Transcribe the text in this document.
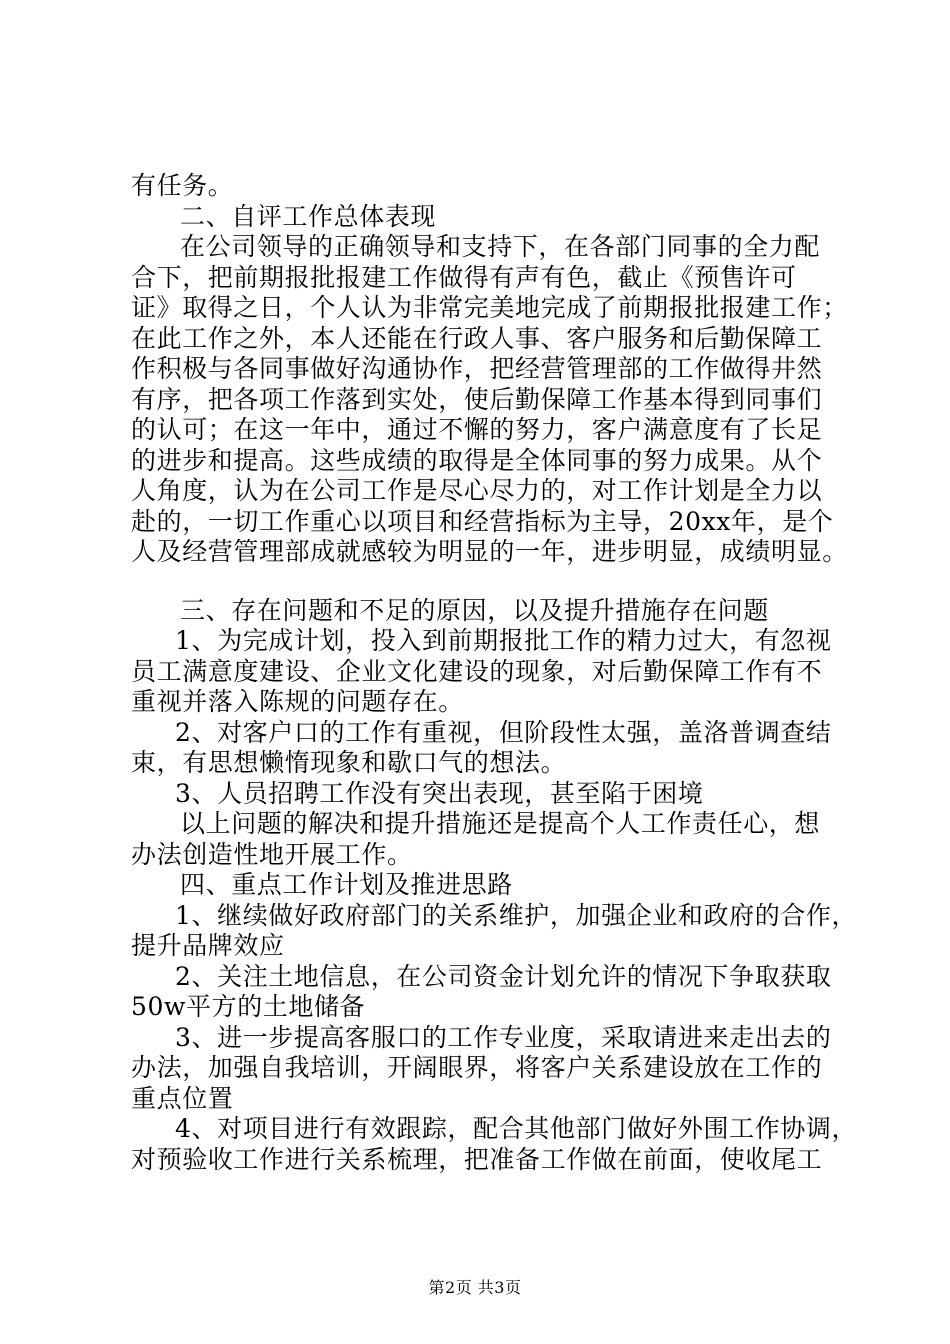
有任务。
二、自评工作总体表现
在公司领导的正确领导和支持下，在各部门同事的全力配
合下，把前期报批报建工作做得有声有色，截止《预售许可
证》取得之日，个人认为非常完美地完成了前期报批报建工作；
在此工作之外，本人还能在行政人事、客户服务和后勤保障工
作积极与各同事做好沟通协作，把经营管理部的工作做得井然
有序，把各项工作落到实处，使后勤保障工作基本得到同事们
的认可；在这一年中，通过不懈的努力，客户满意度有了长足
的进步和提高。这些成绩的取得是全体同事的努力成果。从个
人角度，认为在公司工作是尽心尽力的，对工作计划是全力以
赴的，一切工作重心以项目和经营指标为主导，20xx年，是个
人及经营管理部成就感较为明显的一年，进步明显，成绩明显。
三、存在问题和不足的原因，以及提升措施存在问题
1、为完成计划，投入到前期报批工作的精力过大，有忽视
员工满意度建设、企业文化建设的现象，对后勤保障工作有不
重视并落入陈规的问题存在。
2、对客户口的工作有重视，但阶段性太强，盖洛普调查结
束，有思想懒惰现象和歇口气的想法。
3、人员招聘工作没有突出表现，甚至陷于困境
以上问题的解决和提升措施还是提高个人工作责任心，想
办法创造性地开展工作。
四、重点工作计划及推进思路
1、继续做好政府部门的关系维护，加强企业和政府的合作，
提升品牌效应
2、关注土地信息，在公司资金计划允许的情况下争取获取
50w平方的土地储备
3、进一步提高客服口的工作专业度，采取请进来走出去的
办法，加强自我培训，开阔眼界，将客户关系建设放在工作的
重点位置
4、对项目进行有效跟踪，配合其他部门做好外围工作协调，
对预验收工作进行关系梳理，把准备工作做在前面，使收尾工
第2页 共3页
